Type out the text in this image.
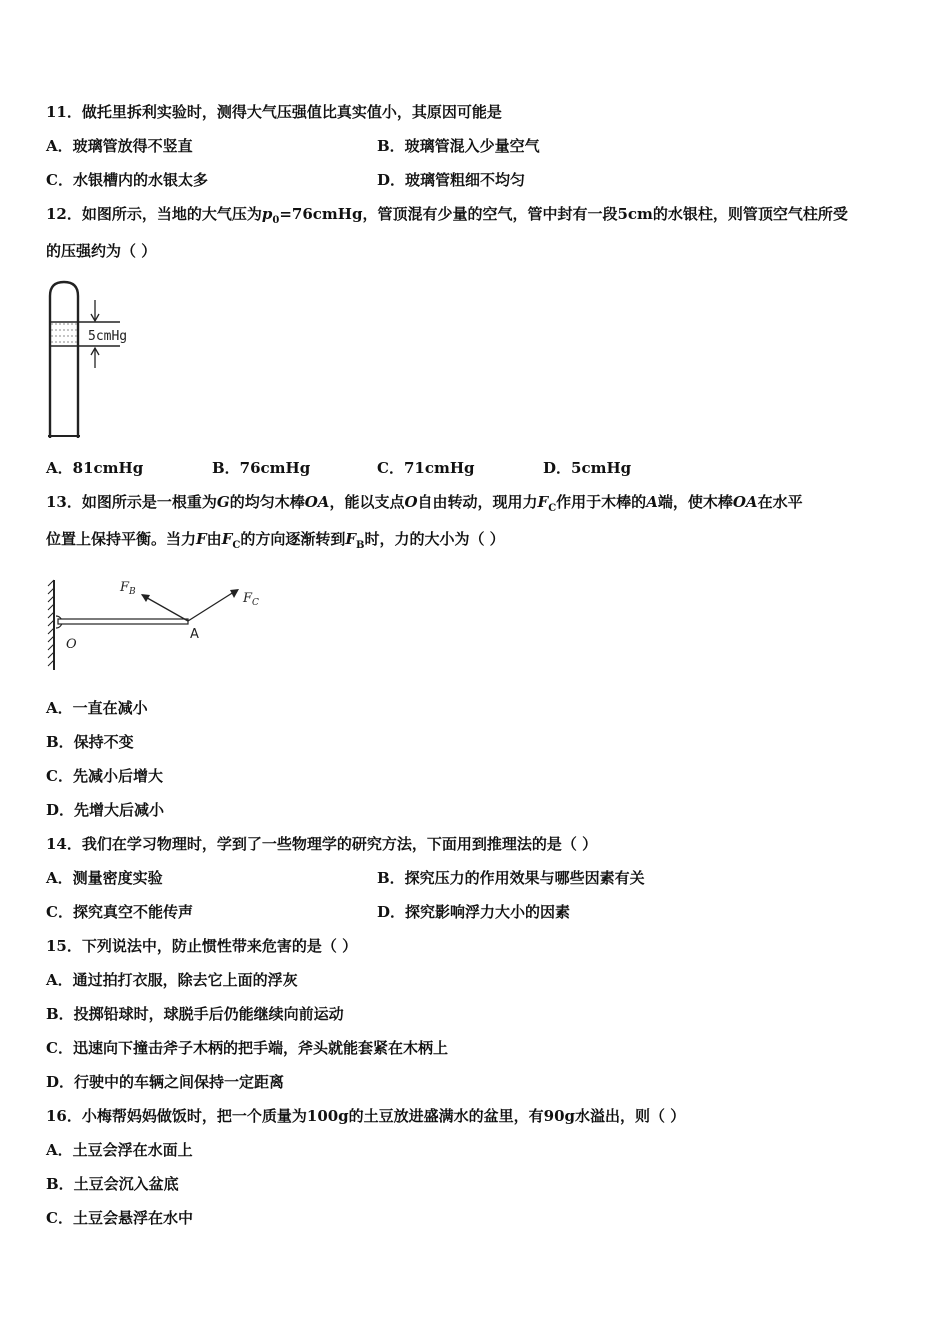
11．做托里拆利实验时，测得大气压强值比真实值小，其原因可能是
A．玻璃管放得不竖直	B．玻璃管混入少量空气
C．水银槽内的水银太多	D．玻璃管粗细不均匀
12．如图所示，当地的大气压为$p_0=76cmHg$，管顶混有少量的空气，管中封有一段5cm的水银柱，则管顶空气柱所受
的压强约为（ ）
5cmHg
A．81cmHg	B．76cmHg	C．71cmHg	D．5cmHg
13．如图所示是一根重为G的均匀木棒OA，能以支点O自由转动，现用力$F_C$作用于木棒的A端，使木棒OA在水平
位置上保持平衡。当力F由$F_C$的方向逐渐转到$F_B$时，力的大小为（ ）
$F_B$	$F_C$
A
O
A．一直在减小
B．保持不变
C．先减小后增大
D．先增大后减小
14．我们在学习物理时，学到了一些物理学的研究方法，下面用到推理法的是（ ）
A．测量密度实验	B．探究压力的作用效果与哪些因素有关
C．探究真空不能传声	D．探究影响浮力大小的因素
15．下列说法中，防止惯性带来危害的是（ ）
A．通过拍打衣服，除去它上面的浮灰
B．投掷铅球时，球脱手后仍能继续向前运动
C．迅速向下撞击斧子木柄的把手端，斧头就能套紧在木柄上
D．行驶中的车辆之间保持一定距离
16．小梅帮妈妈做饭时，把一个质量为100g的土豆放进盛满水的盆里，有90g水溢出，则（ ）
A．土豆会浮在水面上
B．土豆会沉入盆底
C．土豆会悬浮在水中
